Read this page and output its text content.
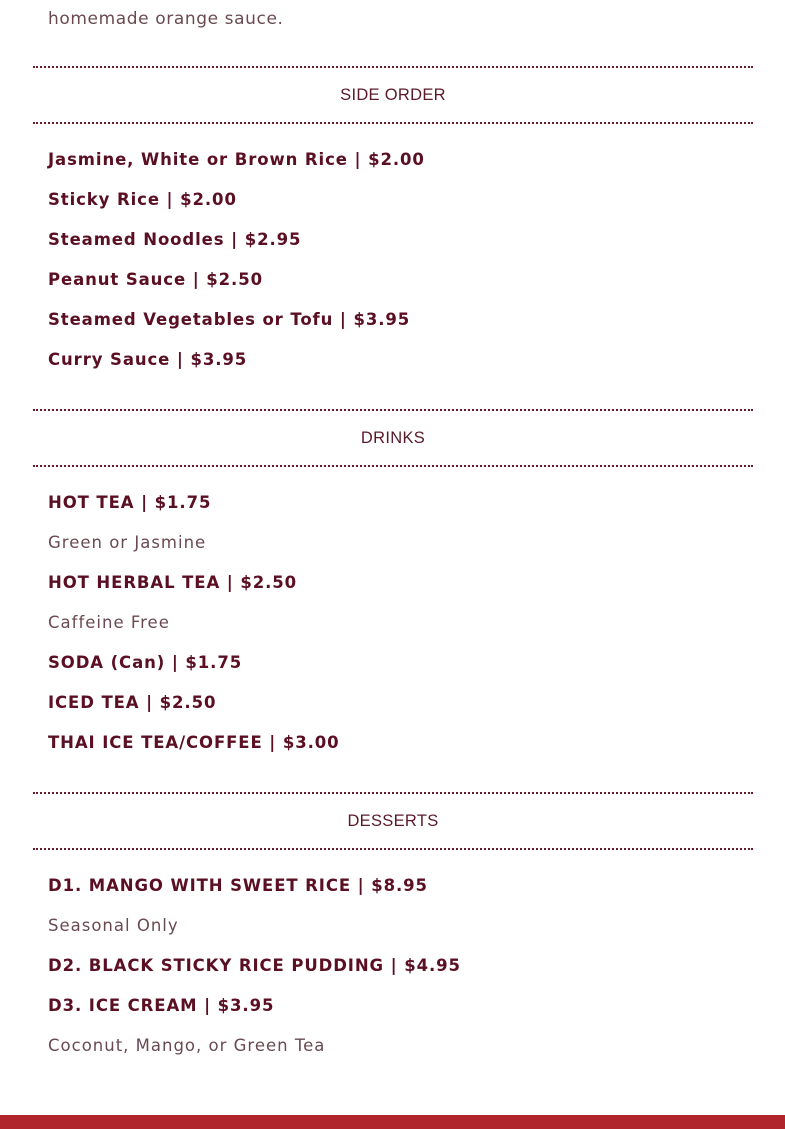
homemade orange sauce.

SIDE ORDER
Jasmine, White or Brown Rice | $2.00
Sticky Rice | $2.00
Steamed Noodles | $2.95
Peanut Sauce | $2.50
Steamed Vegetables or Tofu | $3.95
Curry Sauce | $3.95
DRINKS
HOT TEA | $1.75
Green or Jasmine
HOT HERBAL TEA | $2.50
Caffeine Free
SODA (Can) | $1.75
ICED TEA | $2.50
THAI ICE TEA/COFFEE | $3.00
DESSERTS
D1. MANGO WITH SWEET RICE | $8.95
Seasonal Only
D2. BLACK STICKY RICE PUDDING | $4.95
D3. ICE CREAM | $3.95
Coconut, Mango, or Green Tea
